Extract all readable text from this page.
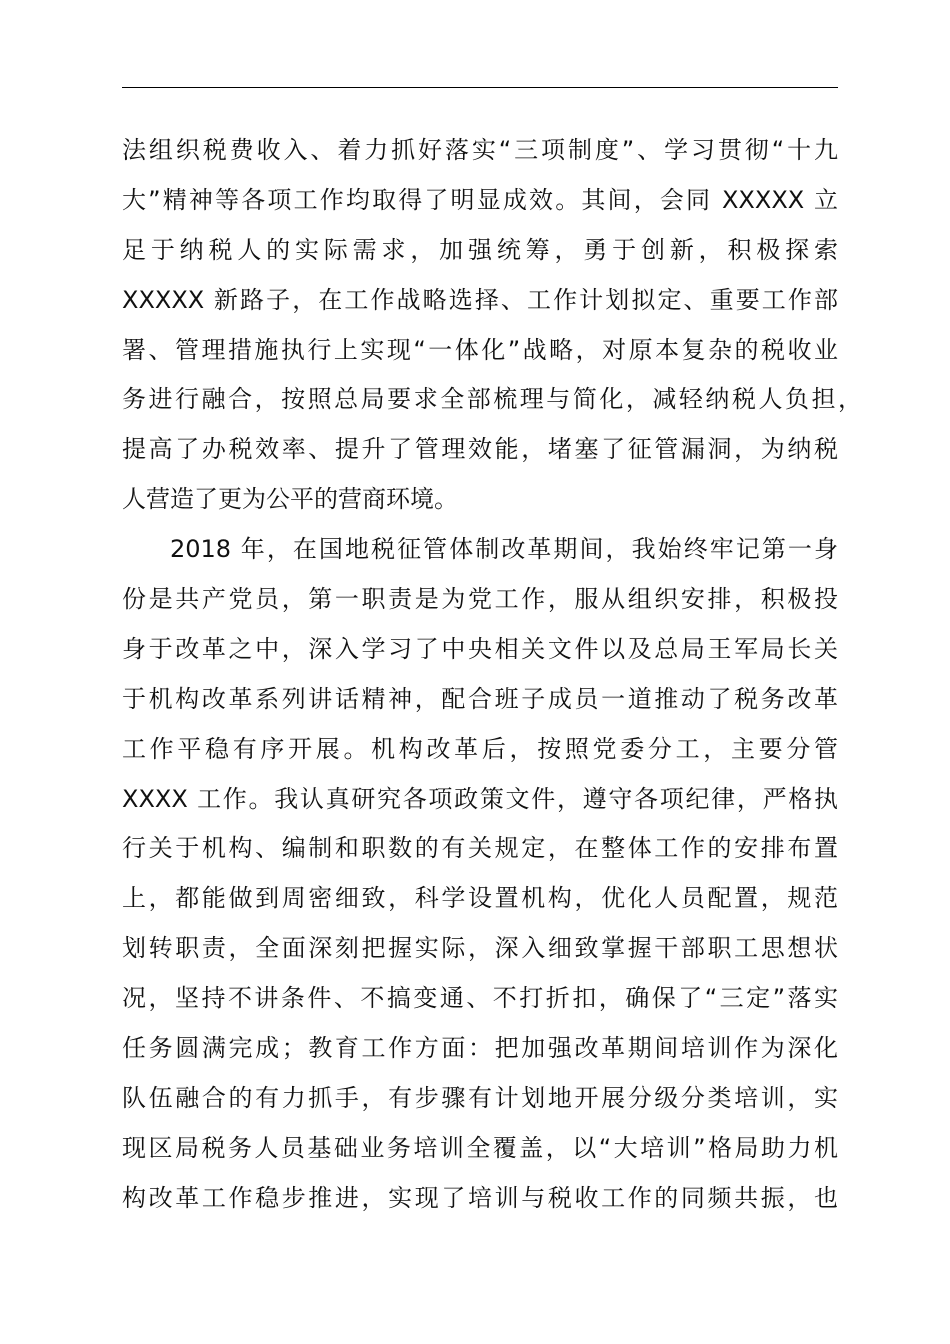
法组织税费收入、着力抓好落实“三项制度”、学习贯彻“十九
大”精神等各项工作均取得了明显成效。其间，会同 XXXXX 立
足于纳税人的实际需求，加强统筹，勇于创新，积极探索
XXXXX 新路子，在工作战略选择、工作计划拟定、重要工作部
署、管理措施执行上实现“一体化”战略，对原本复杂的税收业
务进行融合，按照总局要求全部梳理与简化，减轻纳税人负担，
提高了办税效率、提升了管理效能，堵塞了征管漏洞，为纳税
人营造了更为公平的营商环境。
2018 年，在国地税征管体制改革期间，我始终牢记第一身
份是共产党员，第一职责是为党工作，服从组织安排，积极投
身于改革之中，深入学习了中央相关文件以及总局王军局长关
于机构改革系列讲话精神，配合班子成员一道推动了税务改革
工作平稳有序开展。机构改革后，按照党委分工，主要分管
XXXX 工作。我认真研究各项政策文件，遵守各项纪律，严格执
行关于机构、编制和职数的有关规定，在整体工作的安排布置
上，都能做到周密细致，科学设置机构，优化人员配置，规范
划转职责，全面深刻把握实际，深入细致掌握干部职工思想状
况，坚持不讲条件、不搞变通、不打折扣，确保了“三定”落实
任务圆满完成；教育工作方面：把加强改革期间培训作为深化
队伍融合的有力抓手，有步骤有计划地开展分级分类培训，实
现区局税务人员基础业务培训全覆盖，以“大培训”格局助力机
构改革工作稳步推进，实现了培训与税收工作的同频共振，也
